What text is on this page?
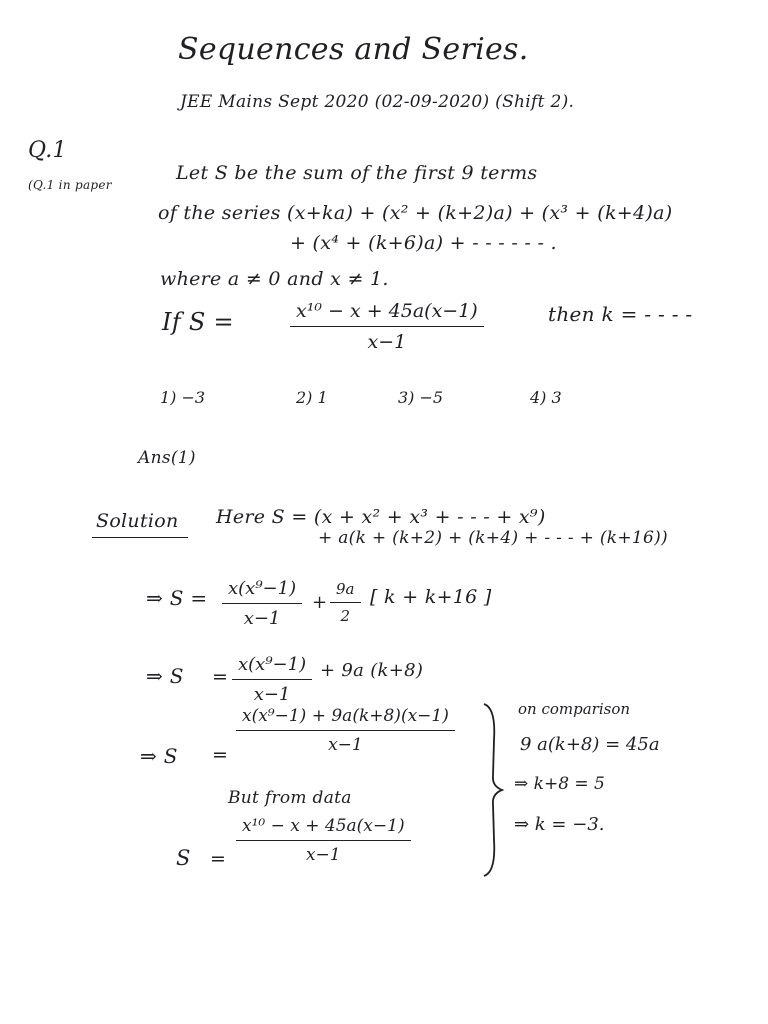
Sequences and Series.
JEE Mains Sept 2020 (02-09-2020) (Shift 2).
Q.1
(Q.1 in paper
Let S be the sum of the first 9 terms
of the series (x+ka) + (x² + (k+2)a) + (x³ + (k+4)a)
+ (x⁴ + (k+6)a) + - - - - - - .
where a ≠ 0 and x ≠ 1.
If S =	$\frac{\text{x¹⁰ − x + 45a(x−1)}}{x-1}$	then k = - - - -
1) −3	2) 1	3) −5	4) 3
Ans(1)
Solution Here S = (x + x² + x³ + - - - + x⁹)
+ a(k + (k+2) + (k+4) + - - - + (k+16))
⇒ $S = \frac{\text{x(x⁹−1)}}{x-1} + \frac{9a}{2}$ [ k + k+16 ]
⇒ $S = \frac{\text{x(x⁹−1)}}{x-1} + 9a$ (k+8)
⇒ $S = \frac{\text{x(x⁹−1) + 9a(k+8)(x−1)}}{x-1}$
But from data
$S = \frac{\text{x¹⁰ − x + 45a(x−1)}}{x-1}$
on comparison
9 a(k+8) = 45a
⇒ k+8 = 5
⇒ k = −3.
